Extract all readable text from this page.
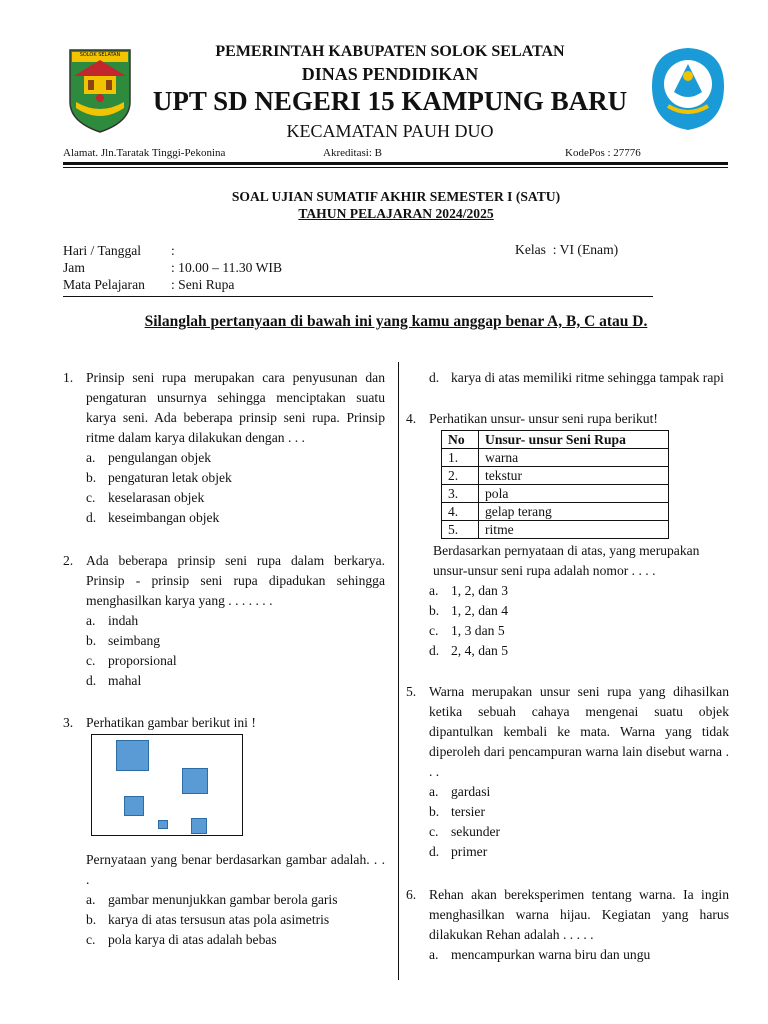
SOLOK SELATAN	PEMERINTAH KABUPATEN SOLOK SELATAN
DINAS PENDIDIKAN
UPT SD NEGERI 15 KAMPUNG BARU
KECAMATAN PAUH DUO
Alamat. Jln.Taratak Tinggi-Pekonina	Akreditasi: B	KodePos : 27776
SOAL UJIAN SUMATIF AKHIR SEMESTER I (SATU)
TAHUN PELAJARAN 2024/2025
Hari / Tanggal :
Jam	: 10.00 – 11.30 WIB
Mata Pelajaran : Seni Rupa
Kelas : VI (Enam)
Silanglah pertanyaan di bawah ini yang kamu anggap benar A, B, C atau D.
1. Prinsip seni rupa merupakan cara penyusunan dan pengaturan unsurnya sehingga menciptakan suatu karya seni. Ada beberapa prinsip seni rupa. Prinsip ritme dalam karya dilakukan dengan . . .
a. pengulangan objek
b. pengaturan letak objek
c. keselarasan objek
d. keseimbangan objek
2. Ada beberapa prinsip seni rupa dalam berkarya. Prinsip - prinsip seni rupa dipadukan sehingga menghasilkan karya yang . . . . . . .
a. indah
b. seimbang
c. proporsional
d. mahal
3. Perhatikan gambar berikut ini !
Pernyataan yang benar berdasarkan gambar adalah. . . .
a. gambar menunjukkan gambar berola garis
b. karya di atas tersusun atas pola asimetris
c. pola karya di atas adalah bebas
d. karya di atas memiliki ritme sehingga tampak rapi
4. Perhatikan unsur- unsur seni rupa berikut!
No	Unsur- unsur Seni Rupa
1.	warna
2.	tekstur
3.	pola
4.	gelap terang
5.	ritme
Berdasarkan pernyataan di atas, yang merupakan unsur-unsur seni rupa adalah nomor . . . .
a. 1, 2, dan 3
b. 1, 2, dan 4
c. 1, 3 dan 5
d. 2, 4, dan 5
5. Warna merupakan unsur seni rupa yang dihasilkan ketika sebuah cahaya mengenai suatu objek dipantulkan kembali ke mata. Warna yang tidak diperoleh dari pencampuran warna lain disebut warna . . .
a. gardasi
b. tersier
c. sekunder
d. primer
6. Rehan akan bereksperimen tentang warna. Ia ingin menghasilkan warna hijau. Kegiatan yang harus dilakukan Rehan adalah . . . . .
a. mencampurkan warna biru dan ungu
